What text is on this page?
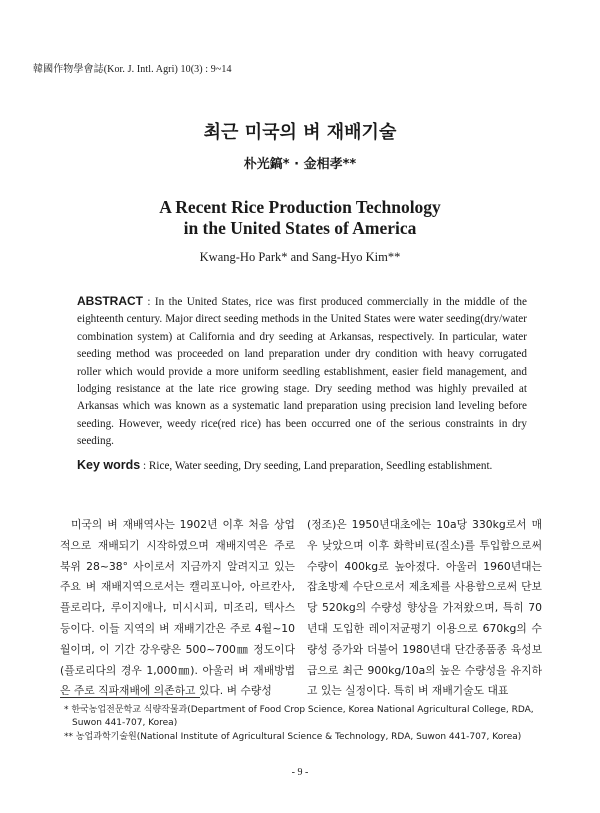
韓國作物學會誌(Kor. J. Intl. Agri) 10(3) : 9~14
최근 미국의 벼 재배기술
朴光鎬* · 金相孝**
A Recent Rice Production Technology
in the United States of America
Kwang-Ho Park* and Sang-Hyo Kim**
ABSTRACT : In the United States, rice was first produced commercially in the middle of the eighteenth century. Major direct seeding methods in the United States were water seeding(dry/water combination system) at California and dry seeding at Arkansas, respectively. In particular, water seeding method was proceeded on land preparation under dry condition with heavy corrugated roller which would provide a more uniform seedling establishment, easier field management, and lodging resistance at the late rice growing stage. Dry seeding method was highly prevailed at Arkansas which was known as a systematic land preparation using precision land leveling before seeding. However, weedy rice(red rice) has been occurred one of the serious constraints in dry seeding.
Key words : Rice, Water seeding, Dry seeding, Land preparation, Seedling establishment.
미국의 벼 재배역사는 1902년 이후 처음 상업적으로 재배되기 시작하였으며 재배지역은 주로 북위 28~38° 사이로서 지금까지 알려지고 있는 주요 벼 재배지역으로서는 캘리포니아, 아르칸사, 플로리다, 루이지애나, 미시시피, 미조리, 텍사스 등이다. 이들 지역의 벼 재배기간은 주로 4월~10월이며, 이 기간 강우량은 500~700㎜ 정도이다(플로리다의 경우 1,000㎜). 아울러 벼 재배방법은 주로 직파재배에 의존하고 있다. 벼 수량성
(정조)은 1950년대초에는 10a당 330kg로서 매우 낮았으며 이후 화학비료(질소)를 투입함으로써 수량이 400kg로 높아졌다. 아울러 1960년대는 잡초방제 수단으로서 제초제를 사용함으로써 단보당 520kg의 수량성 향상을 가져왔으며, 특히 70년대 도입한 레이저균평기 이용으로 670kg의 수량성 증가와 더불어 1980년대 단간종품종 육성보급으로 최근 900kg/10a의 높은 수량성을 유지하고 있는 실정이다. 특히 벼 재배기술도 대표
* 한국농업전문학교 식량작물과(Department of Food Crop Science, Korea National Agricultural College, RDA, Suwon 441-707, Korea)
** 농업과학기술원(National Institute of Agricultural Science & Technology, RDA, Suwon 441-707, Korea)
- 9 -
